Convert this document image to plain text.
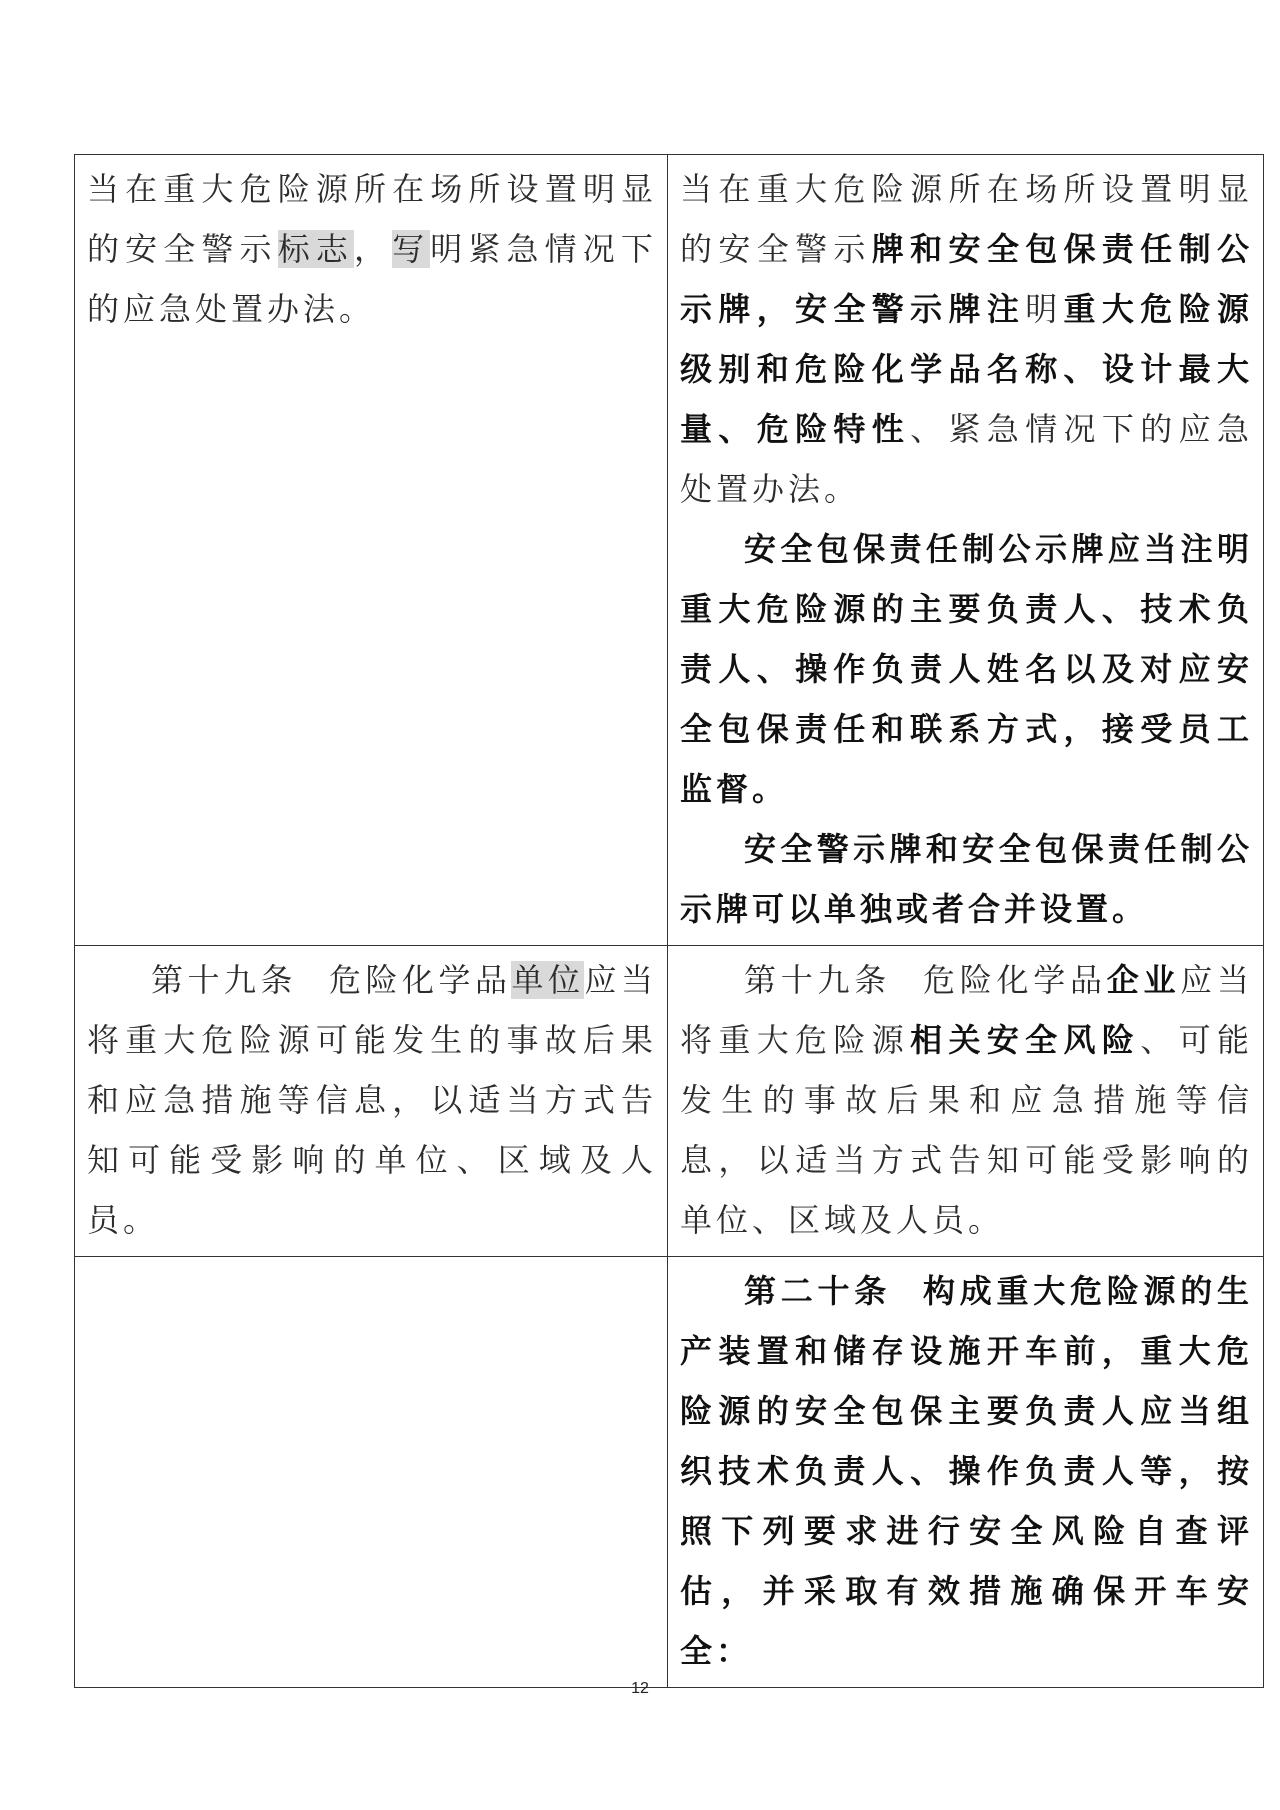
当在重大危险源所在场所设置明显的安全警示标志，写明紧急情况下的应急处置办法。	当在重大危险源所在场所设置明显的安全警示牌和安全包保责任制公示牌，安全警示牌注明重大危险源级别和危险化学品名称、设计最大量、危险特性、紧急情况下的应急处置办法。

安全包保责任制公示牌应当注明重大危险源的主要负责人、技术负责人、操作负责人姓名以及对应安全包保责任和联系方式，接受员工监督。

安全警示牌和安全包保责任制公示牌可以单独或者合并设置。

第十九条 危险化学品单位应当将重大危险源可能发生的事故后果和应急措施等信息，以适当方式告知可能受影响的单位、区域及人员。	第十九条 危险化学品企业应当将重大危险源相关安全风险、可能发生的事故后果和应急措施等信息，以适当方式告知可能受影响的单位、区域及人员。

	第二十条 构成重大危险源的生产装置和储存设施开车前，重大危险源的安全包保主要负责人应当组织技术负责人、操作负责人等，按照下列要求进行安全风险自查评估，并采取有效措施确保开车安全：

12
